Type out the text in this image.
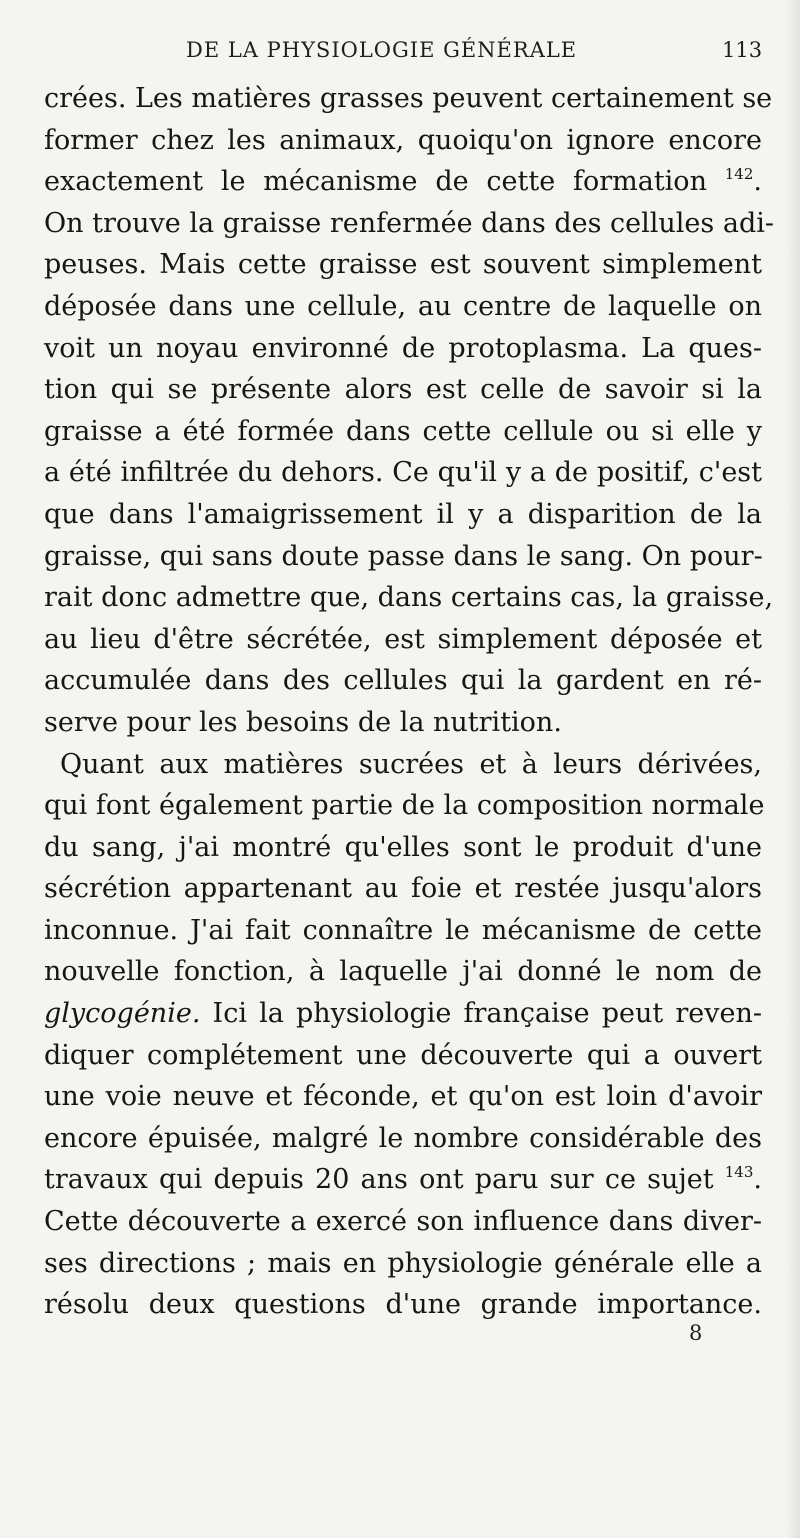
DE LA PHYSIOLOGIE GÉNÉRALE	113
crées. Les matières grasses peuvent certainement se
former chez les animaux, quoiqu'on ignore encore
exactement le mécanisme de cette formation $^{142}$.
On trouve la graisse renfermée dans des cellules adi-
peuses. Mais cette graisse est souvent simplement
déposée dans une cellule, au centre de laquelle on
voit un noyau environné de protoplasma. La ques-
tion qui se présente alors est celle de savoir si la
graisse a été formée dans cette cellule ou si elle y
a été infiltrée du dehors. Ce qu'il y a de positif, c'est
que dans l'amaigrissement il y a disparition de la
graisse, qui sans doute passe dans le sang. On pour-
rait donc admettre que, dans certains cas, la graisse,
au lieu d'être sécrétée, est simplement déposée et
accumulée dans des cellules qui la gardent en ré-
serve pour les besoins de la nutrition.
Quant aux matières sucrées et à leurs dérivées,
qui font également partie de la composition normale
du sang, j'ai montré qu'elles sont le produit d'une
sécrétion appartenant au foie et restée jusqu'alors
inconnue. J'ai fait connaître le mécanisme de cette
nouvelle fonction, à laquelle j'ai donné le nom de
glycogénie. Ici la physiologie française peut reven-
diquer complétement une découverte qui a ouvert
une voie neuve et féconde, et qu'on est loin d'avoir
encore épuisée, malgré le nombre considérable des
travaux qui depuis 20 ans ont paru sur ce sujet $^{143}$.
Cette découverte a exercé son influence dans diver-
ses directions ; mais en physiologie générale elle a
résolu deux questions d'une grande importance.
8
